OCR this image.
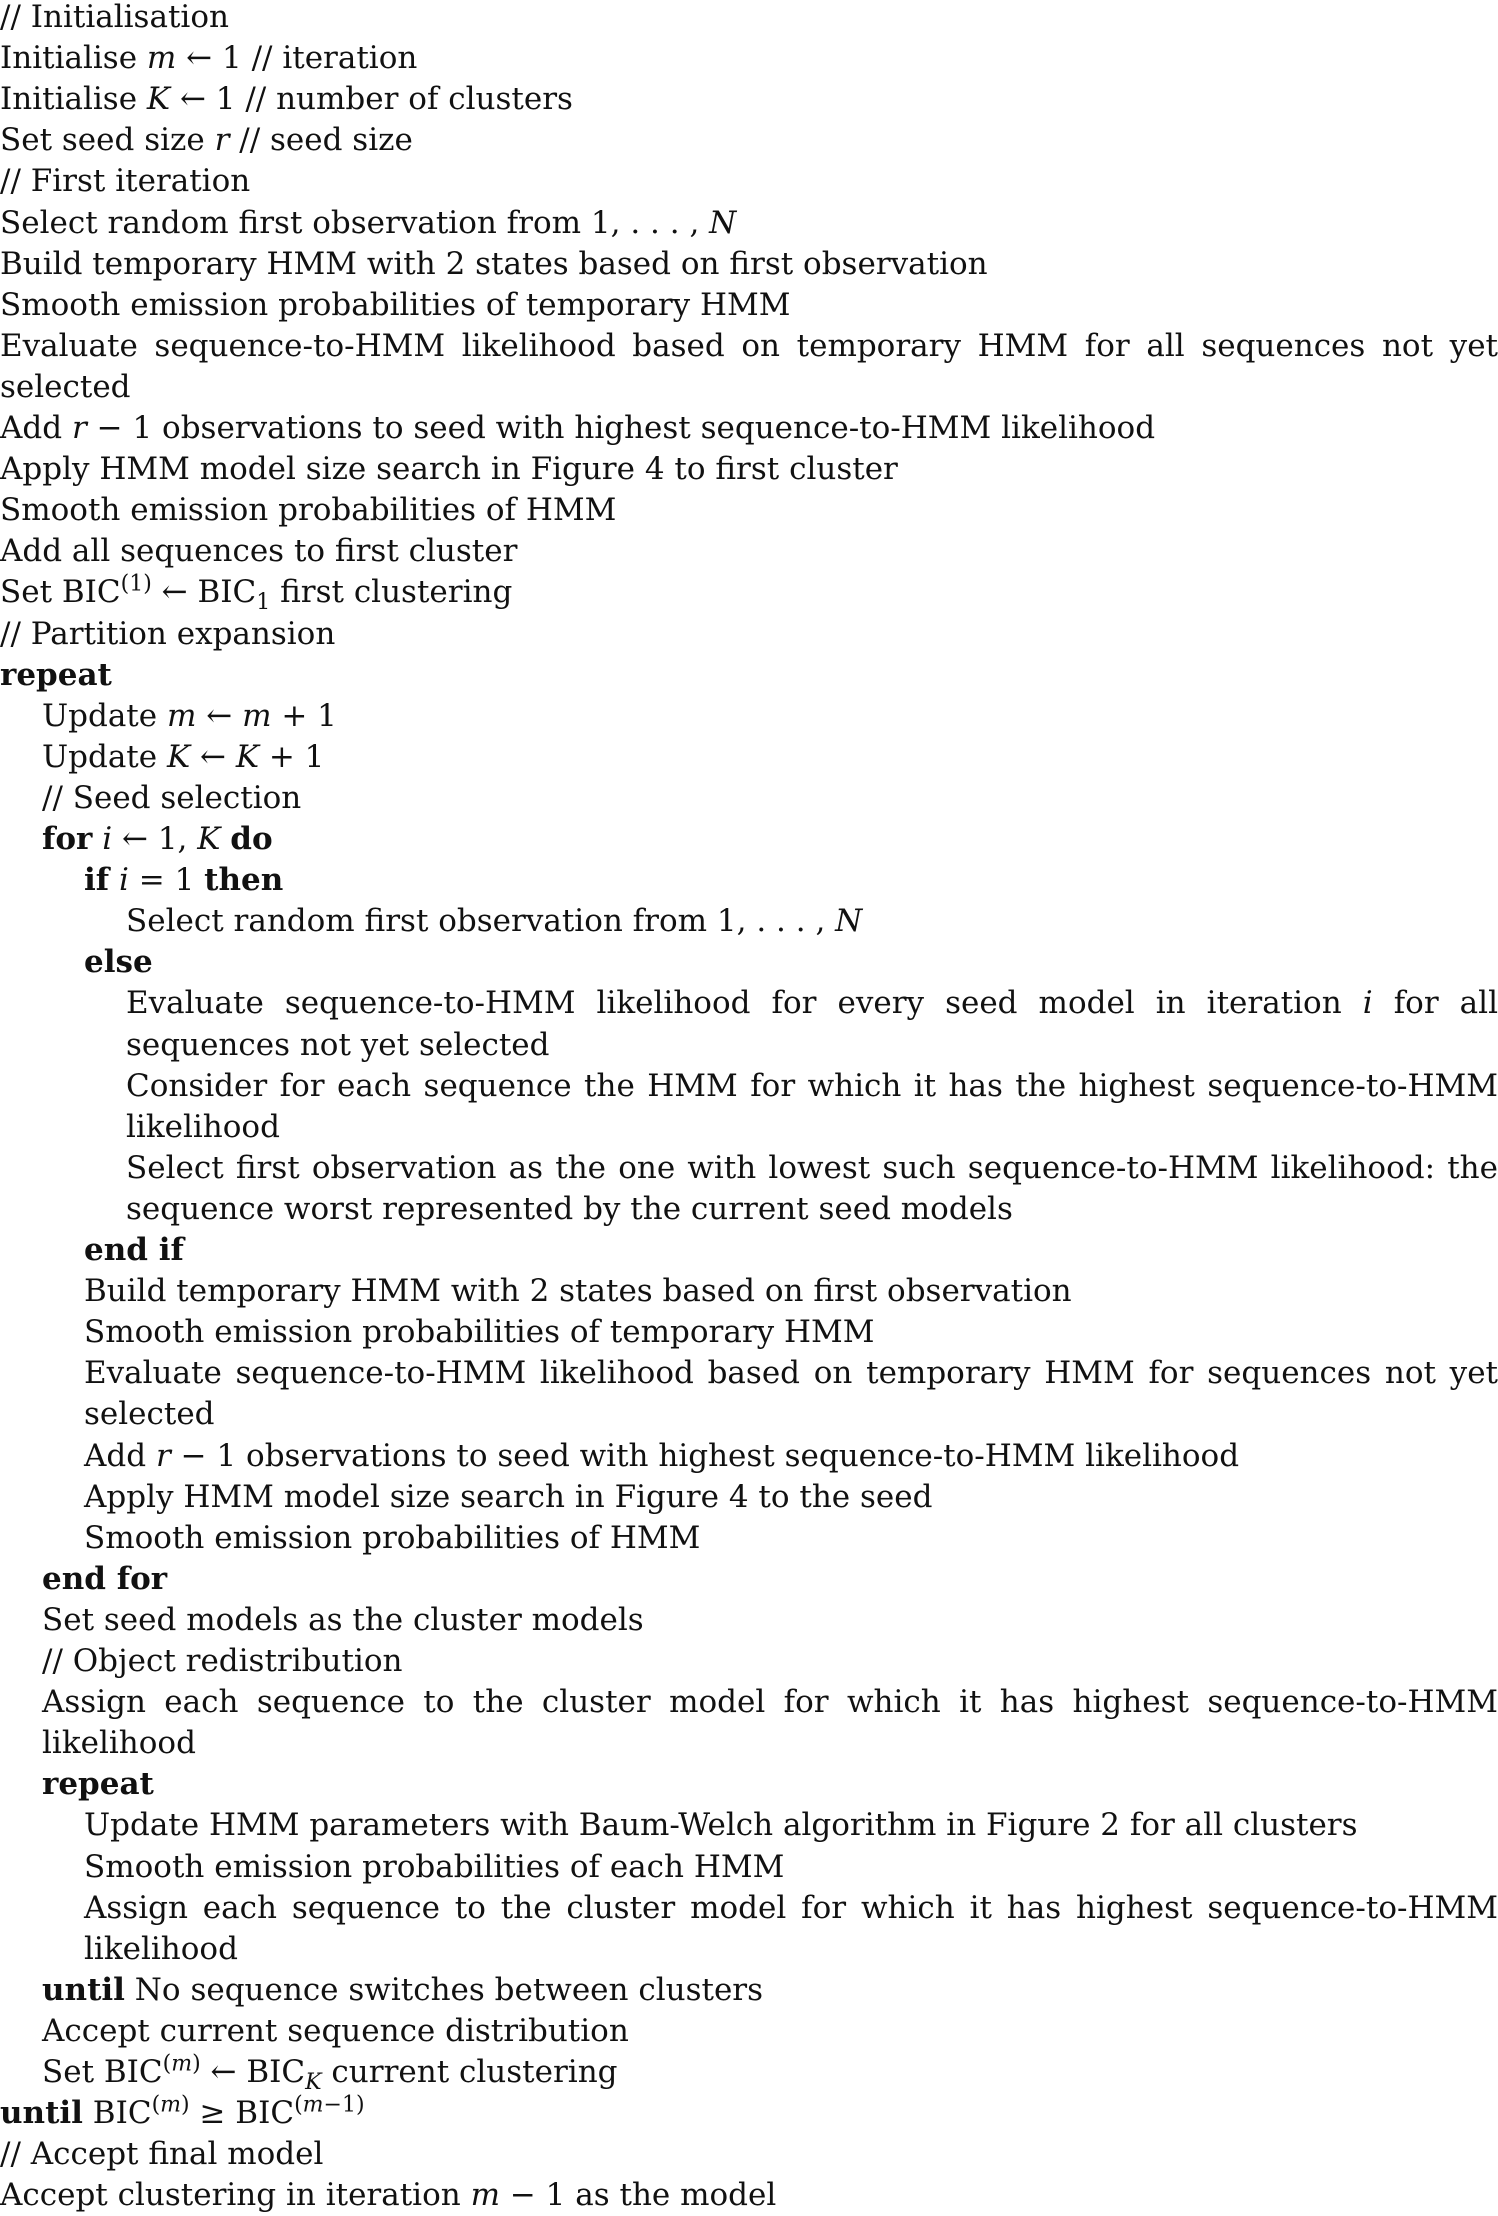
// Initialisation
Initialise m ← 1 // iteration
Initialise K ← 1 // number of clusters
Set seed size r // seed size
// First iteration
Select random first observation from 1, . . . , N
Build temporary HMM with 2 states based on first observation
Smooth emission probabilities of temporary HMM
Evaluate sequence-to-HMM likelihood based on temporary HMM for all sequences not yet
selected
Add r − 1 observations to seed with highest sequence-to-HMM likelihood
Apply HMM model size search in Figure 4 to first cluster
Smooth emission probabilities of HMM
Add all sequences to first cluster
Set BIC$^{(1)}$ ← $BIC_1$ first clustering
// Partition expansion
repeat
Update m ← m + 1
Update K ← K + 1
// Seed selection
for i ← 1, K do
if i = 1 then
Select random first observation from 1, . . . , N
else
Evaluate sequence-to-HMM likelihood for every seed model in iteration i for all
sequences not yet selected
Consider for each sequence the HMM for which it has the highest sequence-to-HMM
likelihood
Select first observation as the one with lowest such sequence-to-HMM likelihood: the
sequence worst represented by the current seed models
end if
Build temporary HMM with 2 states based on first observation
Smooth emission probabilities of temporary HMM
Evaluate sequence-to-HMM likelihood based on temporary HMM for sequences not yet
selected
Add r − 1 observations to seed with highest sequence-to-HMM likelihood
Apply HMM model size search in Figure 4 to the seed
Smooth emission probabilities of HMM
end for
Set seed models as the cluster models
// Object redistribution
Assign each sequence to the cluster model for which it has highest sequence-to-HMM
likelihood
repeat
Update HMM parameters with Baum-Welch algorithm in Figure 2 for all clusters
Smooth emission probabilities of each HMM
Assign each sequence to the cluster model for which it has highest sequence-to-HMM
likelihood
until No sequence switches between clusters
Accept current sequence distribution
Set BIC$^{(m)}$ ← $BIC_K$ current clustering
until $BIC^{(m)} \ge BIC^{(m-1)}$
// Accept final model
Accept clustering in iteration m − 1 as the model
